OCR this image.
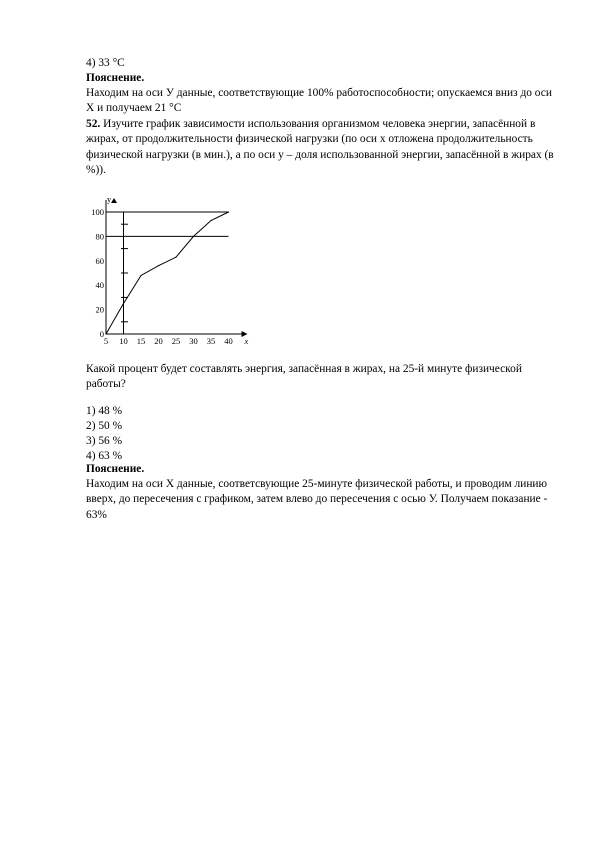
4) 33 °С
Пояснение.
Находим на оси У данные, соответствующие 100% работоспособности; опускаемся вниз до оси Х и получаем 21 °С
52. Изучите график зависимости использования организмом человека энергии, запасённой в жирах, от продолжительности физической нагрузки (по оси x отложена продолжительность физической нагрузки (в мин.), а по оси y – доля использованной энергии, запасённой в жирах (в %)).
5 10 15 20 25 30 35 40
0
20
40
60
80
100
x
y
Какой процент будет составлять энергия, запасённая в жирах, на 25-й минуте физической работы?
1) 48 %
2) 50 %
3) 56 %
4) 63 %
Пояснение.
Находим на оси Х данные, соответсвующие 25-минуте физической работы, и проводим линию вверх, до пересечения с графиком, затем влево до пересечения с осью У. Получаем показание - 63%
